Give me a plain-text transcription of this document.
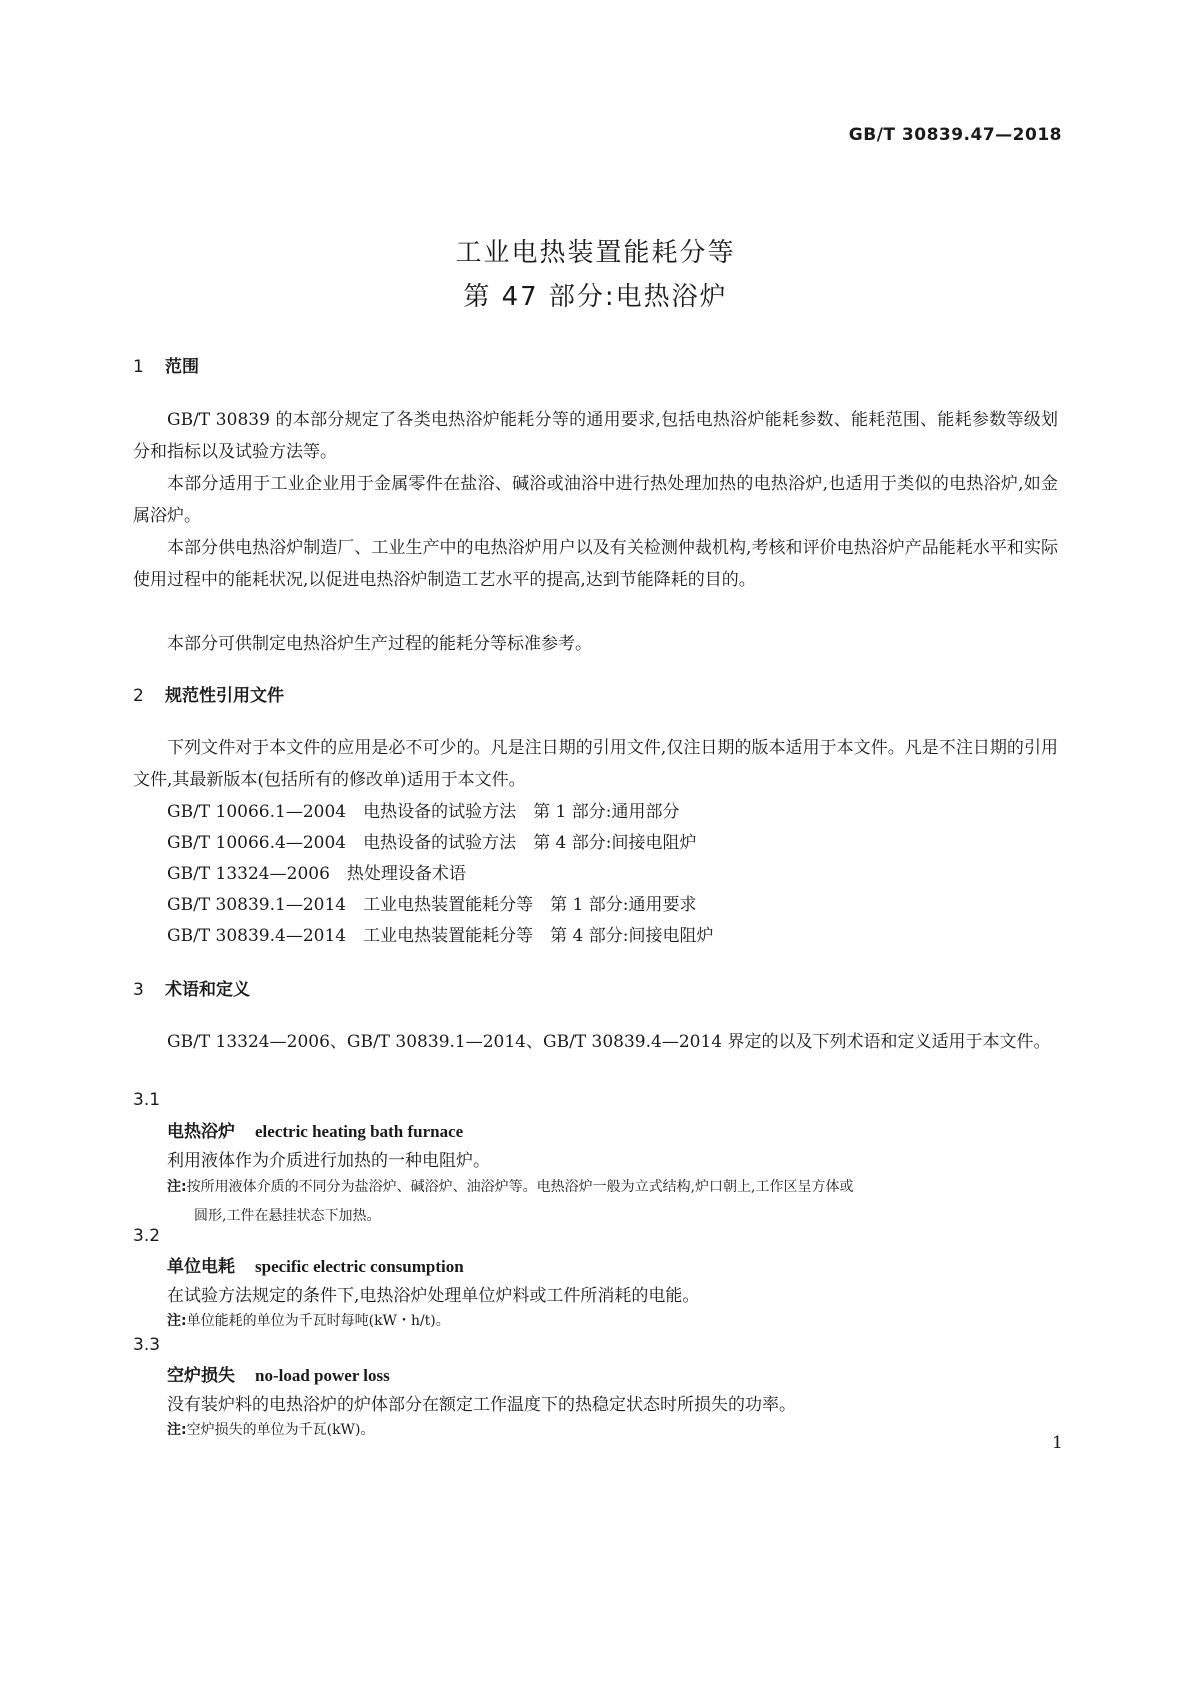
GB/T 30839.47—2018
工业电热装置能耗分等
第 47 部分:电热浴炉
1 范围

GB/T 30839 的本部分规定了各类电热浴炉能耗分等的通用要求,包括电热浴炉能耗参数、能耗范围、能耗参数等级划分和指标以及试验方法等。

本部分适用于工业企业用于金属零件在盐浴、碱浴或油浴中进行热处理加热的电热浴炉,也适用于类似的电热浴炉,如金属浴炉。

本部分供电热浴炉制造厂、工业生产中的电热浴炉用户以及有关检测仲裁机构,考核和评价电热浴炉产品能耗水平和实际使用过程中的能耗状况,以促进电热浴炉制造工艺水平的提高,达到节能降耗的目的。

本部分可供制定电热浴炉生产过程的能耗分等标准参考。

2 规范性引用文件

下列文件对于本文件的应用是必不可少的。凡是注日期的引用文件,仅注日期的版本适用于本文件。凡是不注日期的引用文件,其最新版本(包括所有的修改单)适用于本文件。

GB/T 10066.1—2004　电热设备的试验方法　第 1 部分:通用部分
GB/T 10066.4—2004　电热设备的试验方法　第 4 部分:间接电阻炉
GB/T 13324—2006　热处理设备术语
GB/T 30839.1—2014　工业电热装置能耗分等　第 1 部分:通用要求
GB/T 30839.4—2014　工业电热装置能耗分等　第 4 部分:间接电阻炉
3 术语和定义

GB/T 13324—2006、GB/T 30839.1—2014、GB/T 30839.4—2014 界定的以及下列术语和定义适用于本文件。

3.1
电热浴炉 electric heating bath furnace
利用液体作为介质进行加热的一种电阻炉。
注:按所用液体介质的不同分为盐浴炉、碱浴炉、油浴炉等。电热浴炉一般为立式结构,炉口朝上,工作区呈方体或
圆形,工件在悬挂状态下加热。
3.2
单位电耗 specific electric consumption
在试验方法规定的条件下,电热浴炉处理单位炉料或工件所消耗的电能。
注:单位能耗的单位为千瓦时每吨(kW・h/t)。
3.3
空炉损失 no-load power loss
没有装炉料的电热浴炉的炉体部分在额定工作温度下的热稳定状态时所损失的功率。
注:空炉损失的单位为千瓦(kW)。
1
